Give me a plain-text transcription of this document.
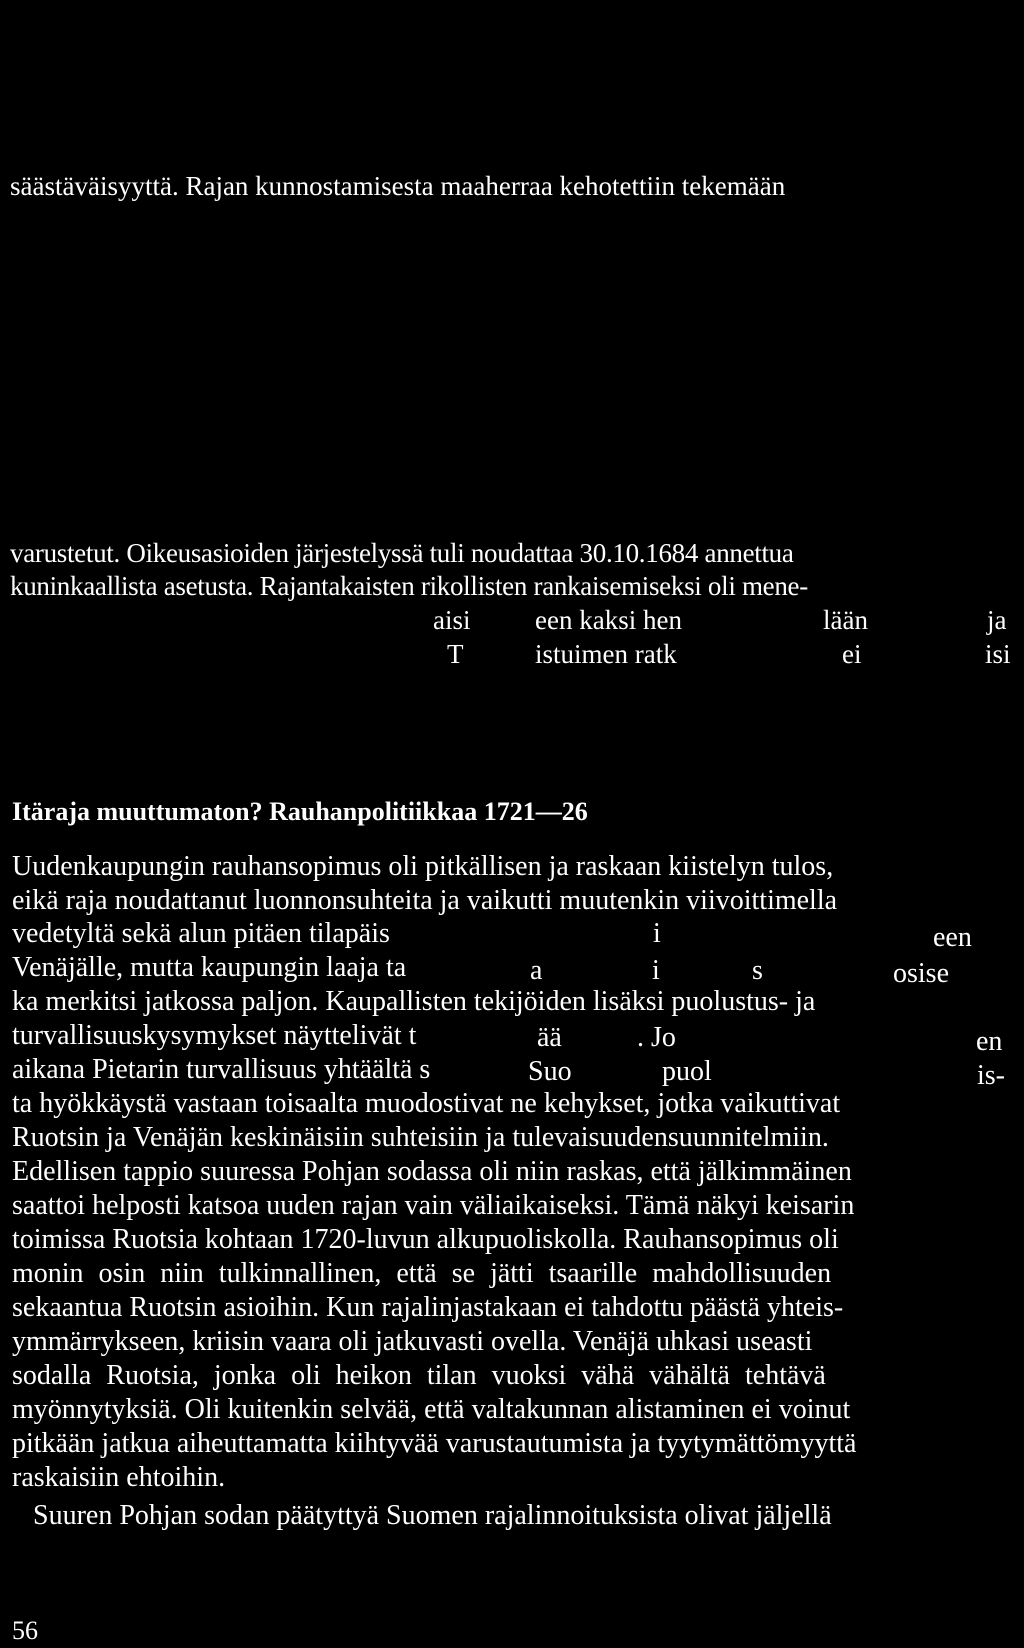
säästäväisyyttä. Rajan kunnostamisesta maaherraa kehotettiin tekemään
varustetut. Oikeusasioiden järjestelyssä tuli noudattaa 30.10.1684 annettua
kuninkaallista asetusta. Rajantakaisten rikollisten rankaisemiseksi oli mene-
aisi een kaksi hen	lään	ja
T	istuimen ratk	ei	isi
Itäraja muuttumaton? Rauhanpolitiikkaa 1721—26
Uudenkaupungin rauhansopimus oli pitkällisen ja raskaan kiistelyn tulos,
eikä raja noudattanut luonnonsuhteita ja vaikutti muutenkin viivoittimella
vedetyltä sekä alun pitäen tilapäis	i	een
Venäjälle, mutta kaupungin laaja ta	a	i	s	osise
ka merkitsi jatkossa paljon. Kaupallisten tekijöiden lisäksi puolustus- ja
turvallisuuskysymykset näyttelivät t	ää	. Jo	en
aikana Pietarin turvallisuus yhtäältä s	Suo	puol	is-
ta hyökkäystä vastaan toisaalta muodostivat ne kehykset, jotka vaikuttivat
Ruotsin ja Venäjän keskinäisiin suhteisiin ja tulevaisuudensuunnitelmiin.
Edellisen tappio suuressa Pohjan sodassa oli niin raskas, että jälkimmäinen
saattoi helposti katsoa uuden rajan vain väliaikaiseksi. Tämä näkyi keisarin
toimissa Ruotsia kohtaan 1720-luvun alkupuoliskolla. Rauhansopimus oli
monin osin niin tulkinnallinen, että se jätti tsaarille mahdollisuuden
sekaantua Ruotsin asioihin. Kun rajalinjastakaan ei tahdottu päästä yhteis-
ymmärrykseen, kriisin vaara oli jatkuvasti ovella. Venäjä uhkasi useasti
sodalla Ruotsia, jonka oli heikon tilan vuoksi vähä vähältä tehtävä
myönnytyksiä. Oli kuitenkin selvää, että valtakunnan alistaminen ei voinut
pitkään jatkua aiheuttamatta kiihtyvää varustautumista ja tyytymättömyyttä
raskaisiin ehtoihin.
Suuren Pohjan sodan päätyttyä Suomen rajalinnoituksista olivat jäljellä
56
